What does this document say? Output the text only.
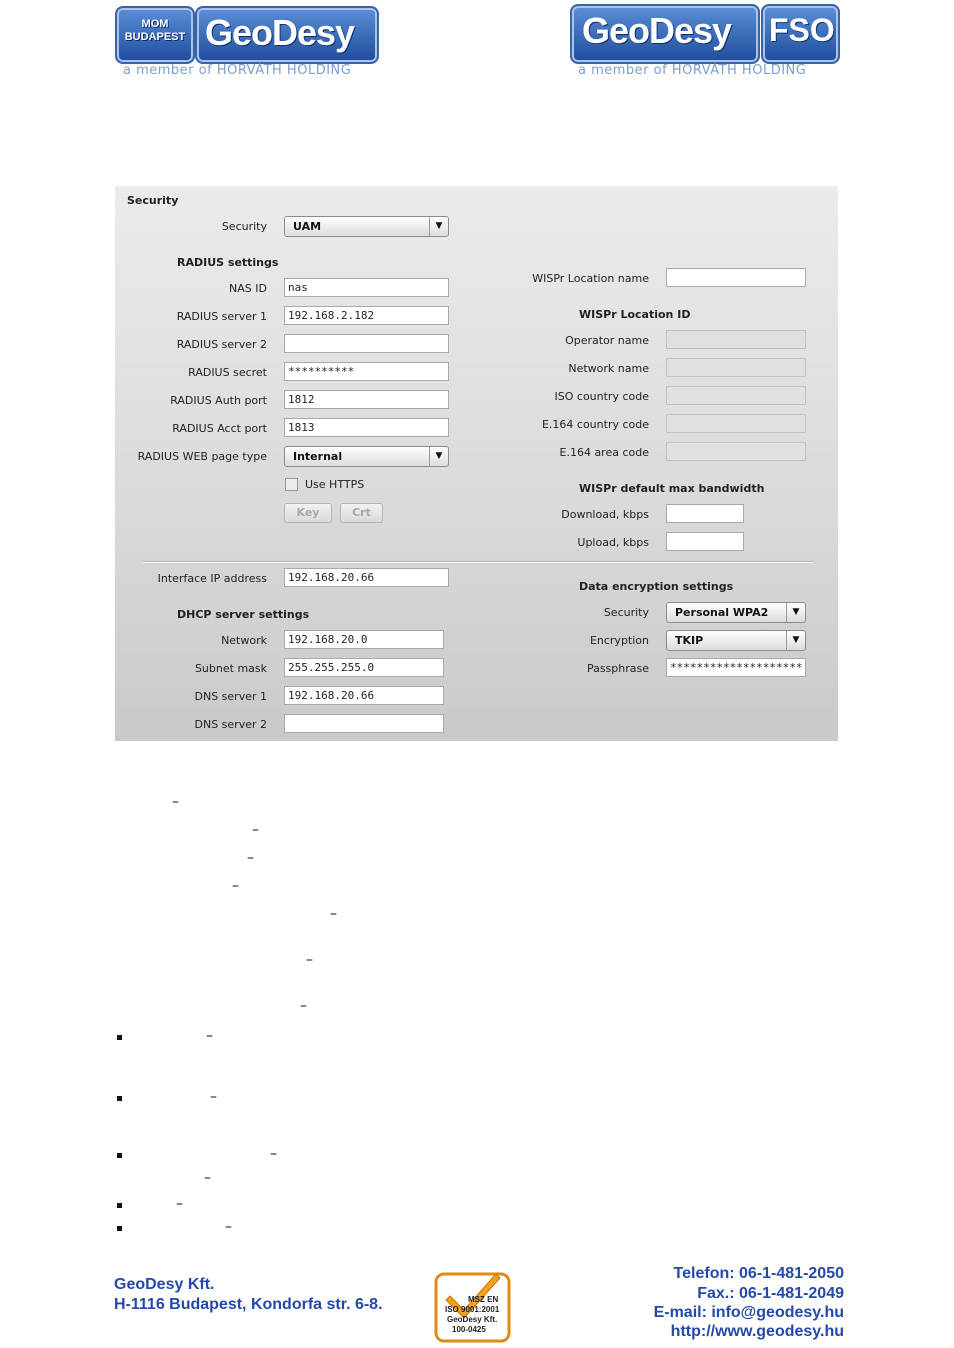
MOM BUDAPEST GeoDesy
a member of HORVÁTH HOLDING
GeoDesy FSO
a member of HORVÁTH HOLDING
Security
Security	UAM	▼
RADIUS settings
NAS ID	nas
RADIUS server 1	192.168.2.182
RADIUS server 2
RADIUS secret	**********
RADIUS Auth port	1812
RADIUS Acct port	1813
RADIUS WEB page type	Internal	▼
Use HTTPS
Key	Crt
WISPr Location name
WISPr Location ID
Operator name
Network name
ISO country code
E.164 country code
E.164 area code
WISPr default max bandwidth
Download, kbps
Upload, kbps
Interface IP address	192.168.20.66
DHCP server settings
Network	192.168.20.0
Subnet mask	255.255.255.0
DNS server 1	192.168.20.66
DNS server 2
Data encryption settings
Security	Personal WPA2	▼
Encryption	TKIP	▼
Passphrase	********************
–
–
–
–
–
–
–
–
–
–
–
–
–
GeoDesy Kft.
H-1116 Budapest, Kondorfa str. 6-8.	MSZ EN
ISO 9001:2001
GeoDesy Kft.
100-0425
Telefon: 06-1-481-2050
Fax.: 06-1-481-2049
E-mail: info@geodesy.hu
http://www.geodesy.hu
